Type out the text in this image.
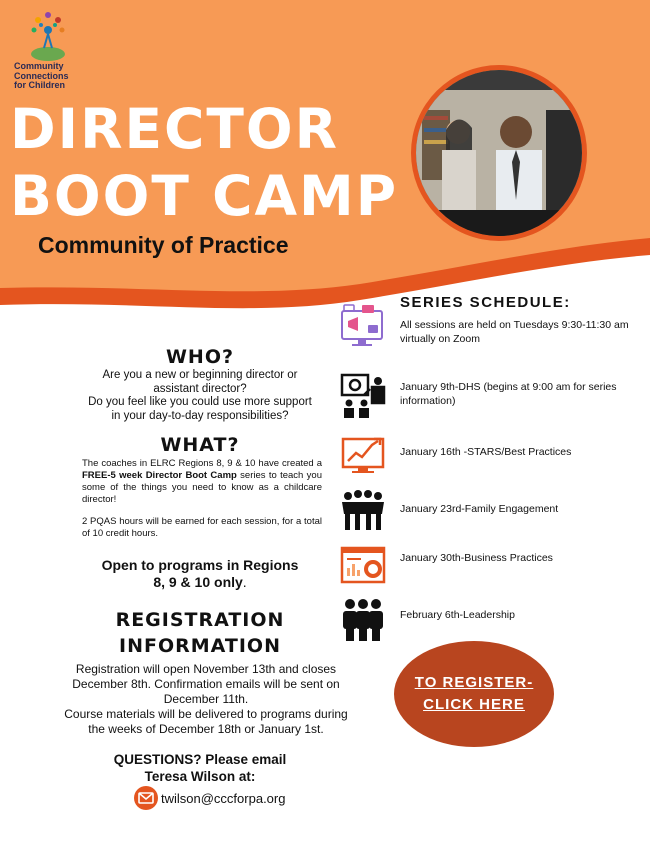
Community
Connections
for Children
DIRECTOR
BOOT CAMP
Community of Practice
WHO?
Are you a new or beginning director or
assistant director?
Do you feel like you could use more support
in your day-to-day responsibilities?
WHAT?

The coaches in ELRC Regions 8, 9 & 10 have created a FREE-5 week Director Boot Camp series to teach you some of the things you need to know as a childcare director!

2 PQAS hours will be earned for each session, for a total of 10 credit hours.

Open to programs in Regions
8, 9 & 10 only.
REGISTRATION
INFORMATION
Registration will open November 13th and closes
December 8th. Confirmation emails will be sent on
December 11th.
Course materials will be delivered to programs during
the weeks of December 18th or January 1st.
QUESTIONS? Please email
Teresa Wilson at:
twilson@cccforpa.org
SERIES SCHEDULE:
All sessions are held on Tuesdays 9:30-11:30 am virtually on Zoom
January 9th-DHS (begins at 9:00 am for series information)
January 16th -STARS/Best Practices
January 23rd-Family Engagement
January 30th-Business Practices
February 6th-Leadership
TO REGISTER-
CLICK HERE
